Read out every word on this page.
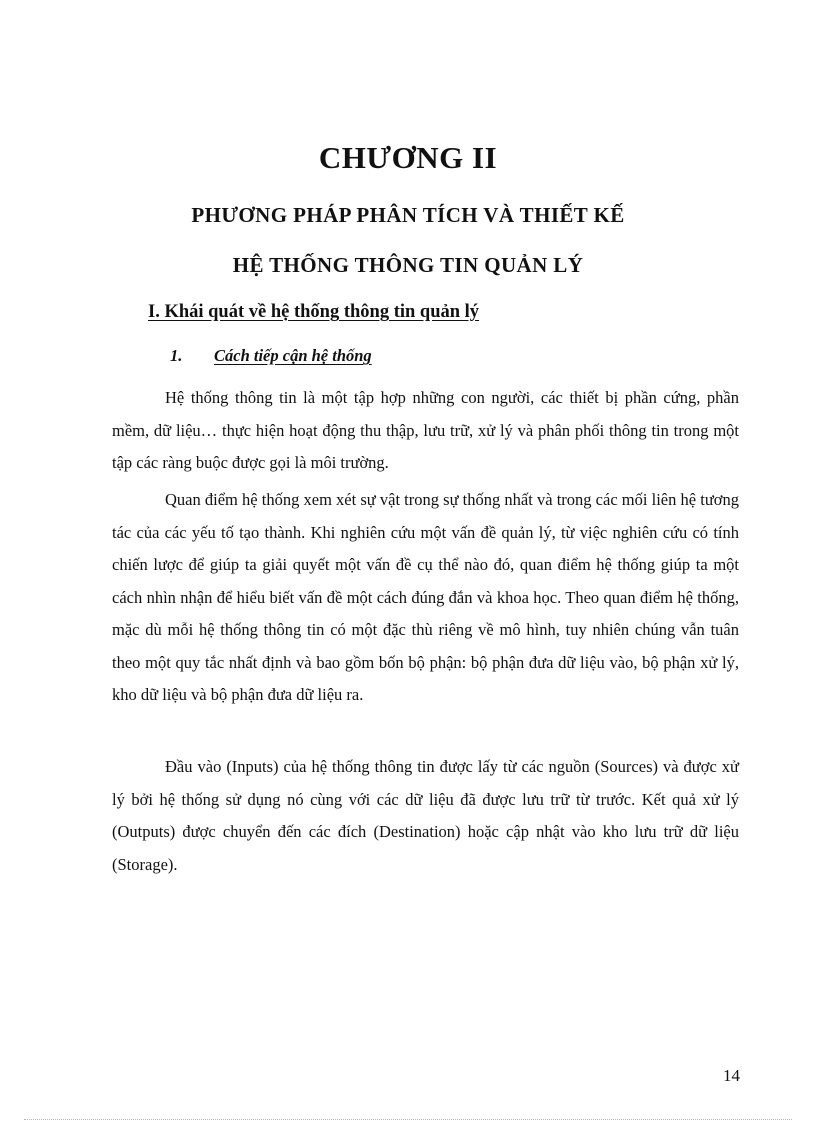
CHƯƠNG II
PHƯƠNG PHÁP PHÂN TÍCH VÀ THIẾT KẾ
HỆ THỐNG THÔNG TIN QUẢN LÝ
I. Khái quát về hệ thống thông tin quản lý
1. Cách tiếp cận hệ thống

Hệ thống thông tin là một tập hợp những con người, các thiết bị phần cứng, phần mềm, dữ liệu… thực hiện hoạt động thu thập, lưu trữ, xử lý và phân phối thông tin trong một tập các ràng buộc được gọi là môi trường.

Quan điểm hệ thống xem xét sự vật trong sự thống nhất và trong các mối liên hệ tương tác của các yếu tố tạo thành. Khi nghiên cứu một vấn đề quản lý, từ việc nghiên cứu có tính chiến lược để giúp ta giải quyết một vấn đề cụ thể nào đó, quan điểm hệ thống giúp ta một cách nhìn nhận để hiểu biết vấn đề một cách đúng đắn và khoa học. Theo quan điểm hệ thống, mặc dù mỗi hệ thống thông tin có một đặc thù riêng về mô hình, tuy nhiên chúng vẫn tuân theo một quy tắc nhất định và bao gồm bốn bộ phận: bộ phận đưa dữ liệu vào, bộ phận xử lý, kho dữ liệu và bộ phận đưa dữ liệu ra.

Đầu vào (Inputs) của hệ thống thông tin được lấy từ các nguồn (Sources) và được xử lý bởi hệ thống sử dụng nó cùng với các dữ liệu đã được lưu trữ từ trước. Kết quả xử lý (Outputs) được chuyển đến các đích (Destination) hoặc cập nhật vào kho lưu trữ dữ liệu (Storage).

14
